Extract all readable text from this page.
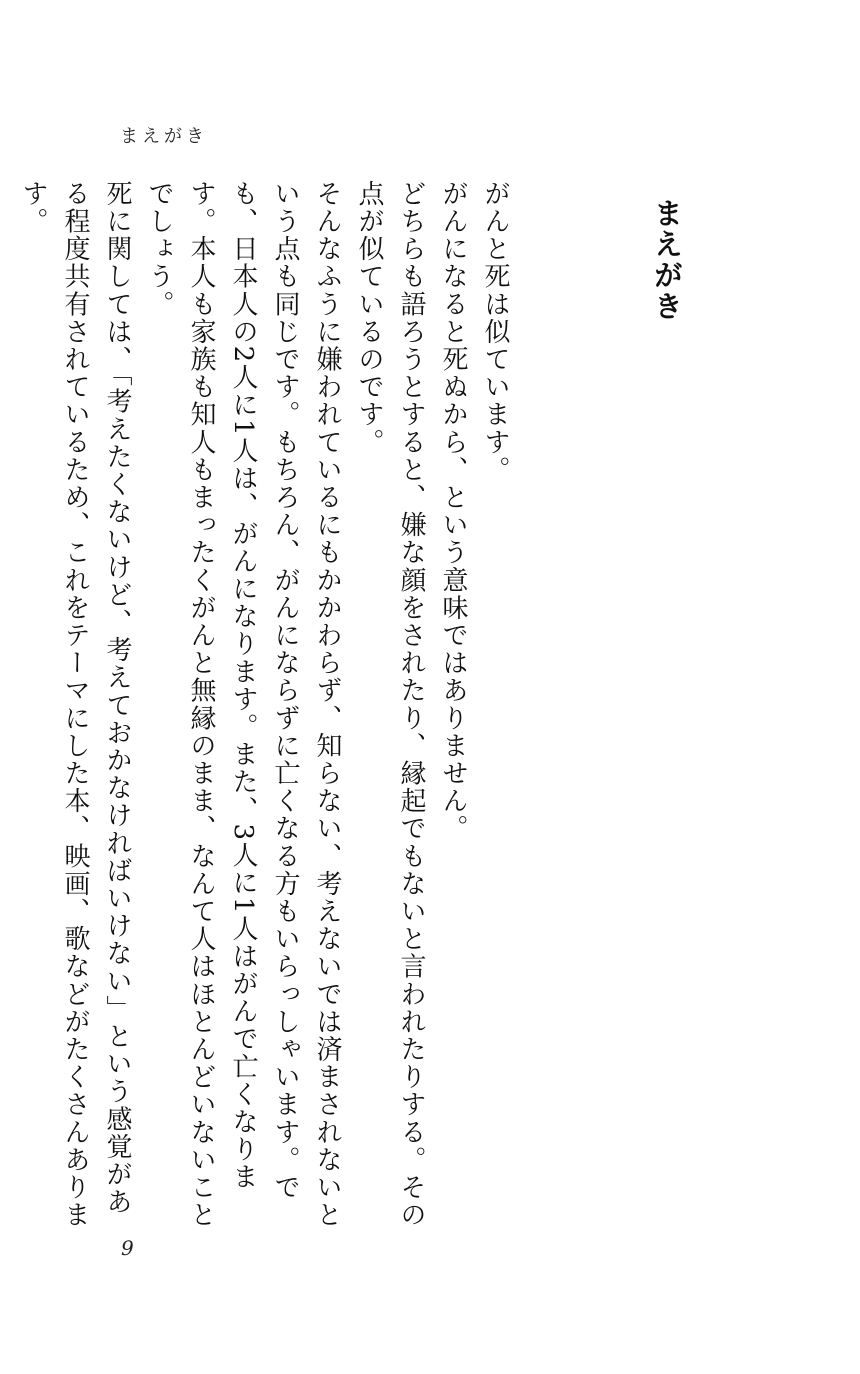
まえがき
まえがき

がんと死は似ています。

がんになると死ぬから、という意味ではありません。

どちらも語ろうとすると、嫌な顔をされたり、縁起でもないと言われたりする。その点が似ているのです。

そんなふうに嫌われているにもかかわらず、知らない、考えないでは済まされないという点も同じです。もちろん、がんにならずに亡くなる方もいらっしゃいます。でも、日本人の2人に1人は、がんになります。また、3人に1人はがんで亡くなります。本人も家族も知人もまったくがんと無縁のまま、なんて人はほとんどいないことでしょう。

死に関しては、「考えたくないけど、考えておかなければいけない」という感覚がある程度共有されているため、これをテーマにした本、映画、歌などがたくさんあります。

9
